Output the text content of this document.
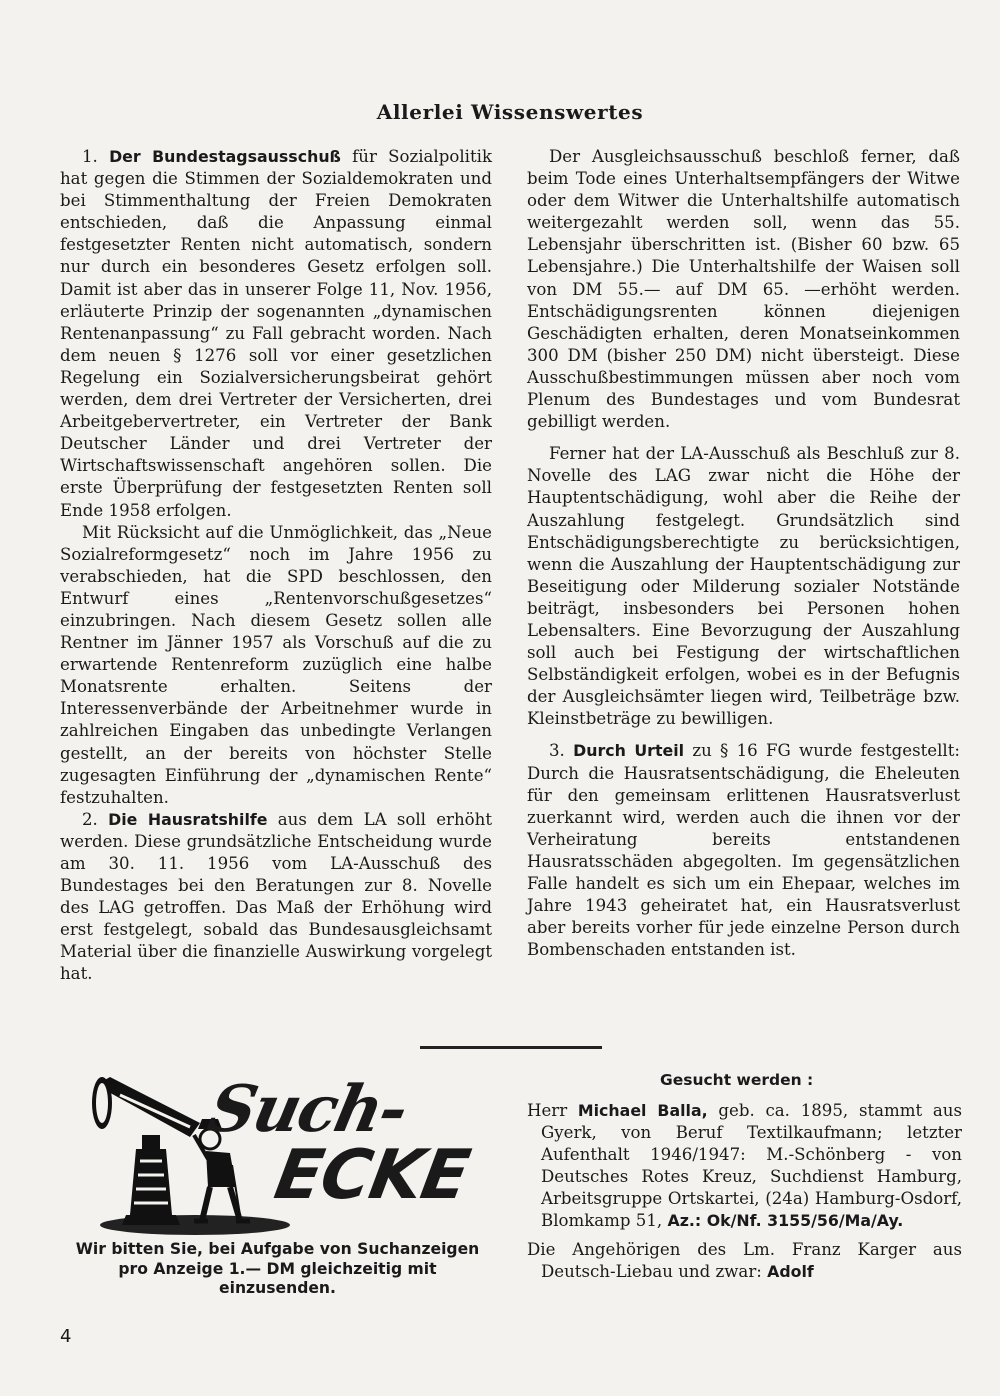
Allerlei Wissenswertes

1. Der Bundestagsausschuß für Sozialpolitik hat gegen die Stimmen der Sozialdemokraten und bei Stimmenthaltung der Freien Demokraten entschieden, daß die Anpassung einmal festgesetzter Renten nicht automatisch, sondern nur durch ein besonderes Gesetz erfolgen soll. Damit ist aber das in unserer Folge 11, Nov. 1956, erläuterte Prinzip der sogenannten „dynamischen Rentenanpassung“ zu Fall gebracht worden. Nach dem neuen § 1276 soll vor einer gesetzlichen Regelung ein Sozialversicherungsbeirat gehört werden, dem drei Vertreter der Versicherten, drei Arbeitgebervertreter, ein Vertreter der Bank Deutscher Länder und drei Vertreter der Wirtschaftswissenschaft angehören sollen. Die erste Überprüfung der festgesetzten Renten soll Ende 1958 erfolgen.

Mit Rücksicht auf die Unmöglichkeit, das „Neue Sozialreformgesetz“ noch im Jahre 1956 zu verabschieden, hat die SPD beschlossen, den Entwurf eines „Rentenvorschußgesetzes“ einzubringen. Nach diesem Gesetz sollen alle Rentner im Jänner 1957 als Vorschuß auf die zu erwartende Rentenreform zuzüglich eine halbe Monatsrente erhalten. Seitens der Interessenverbände der Arbeitnehmer wurde in zahlreichen Eingaben das unbedingte Verlangen gestellt, an der bereits von höchster Stelle zugesagten Einführung der „dynamischen Rente“ festzuhalten.

2. Die Hausratshilfe aus dem LA soll erhöht werden. Diese grundsätzliche Entscheidung wurde am 30. 11. 1956 vom LA-Ausschuß des Bundestages bei den Beratungen zur 8. Novelle des LAG getroffen. Das Maß der Erhöhung wird erst festgelegt, sobald das Bundesausgleichsamt Material über die finanzielle Auswirkung vorgelegt hat.

Der Ausgleichsausschuß beschloß ferner, daß beim Tode eines Unterhaltsempfängers der Witwe oder dem Witwer die Unterhaltshilfe automatisch weitergezahlt werden soll, wenn das 55. Lebensjahr überschritten ist. (Bisher 60 bzw. 65 Lebensjahre.) Die Unterhaltshilfe der Waisen soll von DM 55.— auf DM 65. —erhöht werden. Entschädigungsrenten können diejenigen Geschädigten erhalten, deren Monatseinkommen 300 DM (bisher 250 DM) nicht übersteigt. Diese Ausschußbestimmungen müssen aber noch vom Plenum des Bundestages und vom Bundesrat gebilligt werden.

Ferner hat der LA-Ausschuß als Beschluß zur 8. Novelle des LAG zwar nicht die Höhe der Hauptentschädigung, wohl aber die Reihe der Auszahlung festgelegt. Grundsätzlich sind Entschädigungsberechtigte zu berücksichtigen, wenn die Auszahlung der Hauptentschädigung zur Beseitigung oder Milderung sozialer Notstände beiträgt, insbesonders bei Personen hohen Lebensalters. Eine Bevorzugung der Auszahlung soll auch bei Festigung der wirtschaftlichen Selbständigkeit erfolgen, wobei es in der Befugnis der Ausgleichsämter liegen wird, Teilbeträge bzw. Kleinstbeträge zu bewilligen.

3. Durch Urteil zu § 16 FG wurde festgestellt: Durch die Hausratsentschädigung, die Eheleuten für den gemeinsam erlittenen Hausratsverlust zuerkannt wird, werden auch die ihnen vor der Verheiratung bereits entstandenen Hausratsschäden abgegolten. Im gegensätzlichen Falle handelt es sich um ein Ehepaar, welches im Jahre 1943 geheiratet hat, ein Hausratsverlust aber bereits vorher für jede einzelne Person durch Bombenschaden entstanden ist.

Such-
ECKE

Wir bitten Sie, bei Aufgabe von Suchanzeigen pro Anzeige 1.— DM gleichzeitig mit einzusenden.

Gesucht werden :

Herr Michael Balla, geb. ca. 1895, stammt aus Gyerk, von Beruf Textilkaufmann; letzter Aufenthalt 1946/1947: M.-Schönberg - von Deutsches Rotes Kreuz, Suchdienst Hamburg, Arbeitsgruppe Ortskartei, (24a) Hamburg-Osdorf, Blomkamp 51, Az.: Ok/Nf. 3155/56/Ma/Ay.

Die Angehörigen des Lm. Franz Karger aus Deutsch-Liebau und zwar: Adolf

4
